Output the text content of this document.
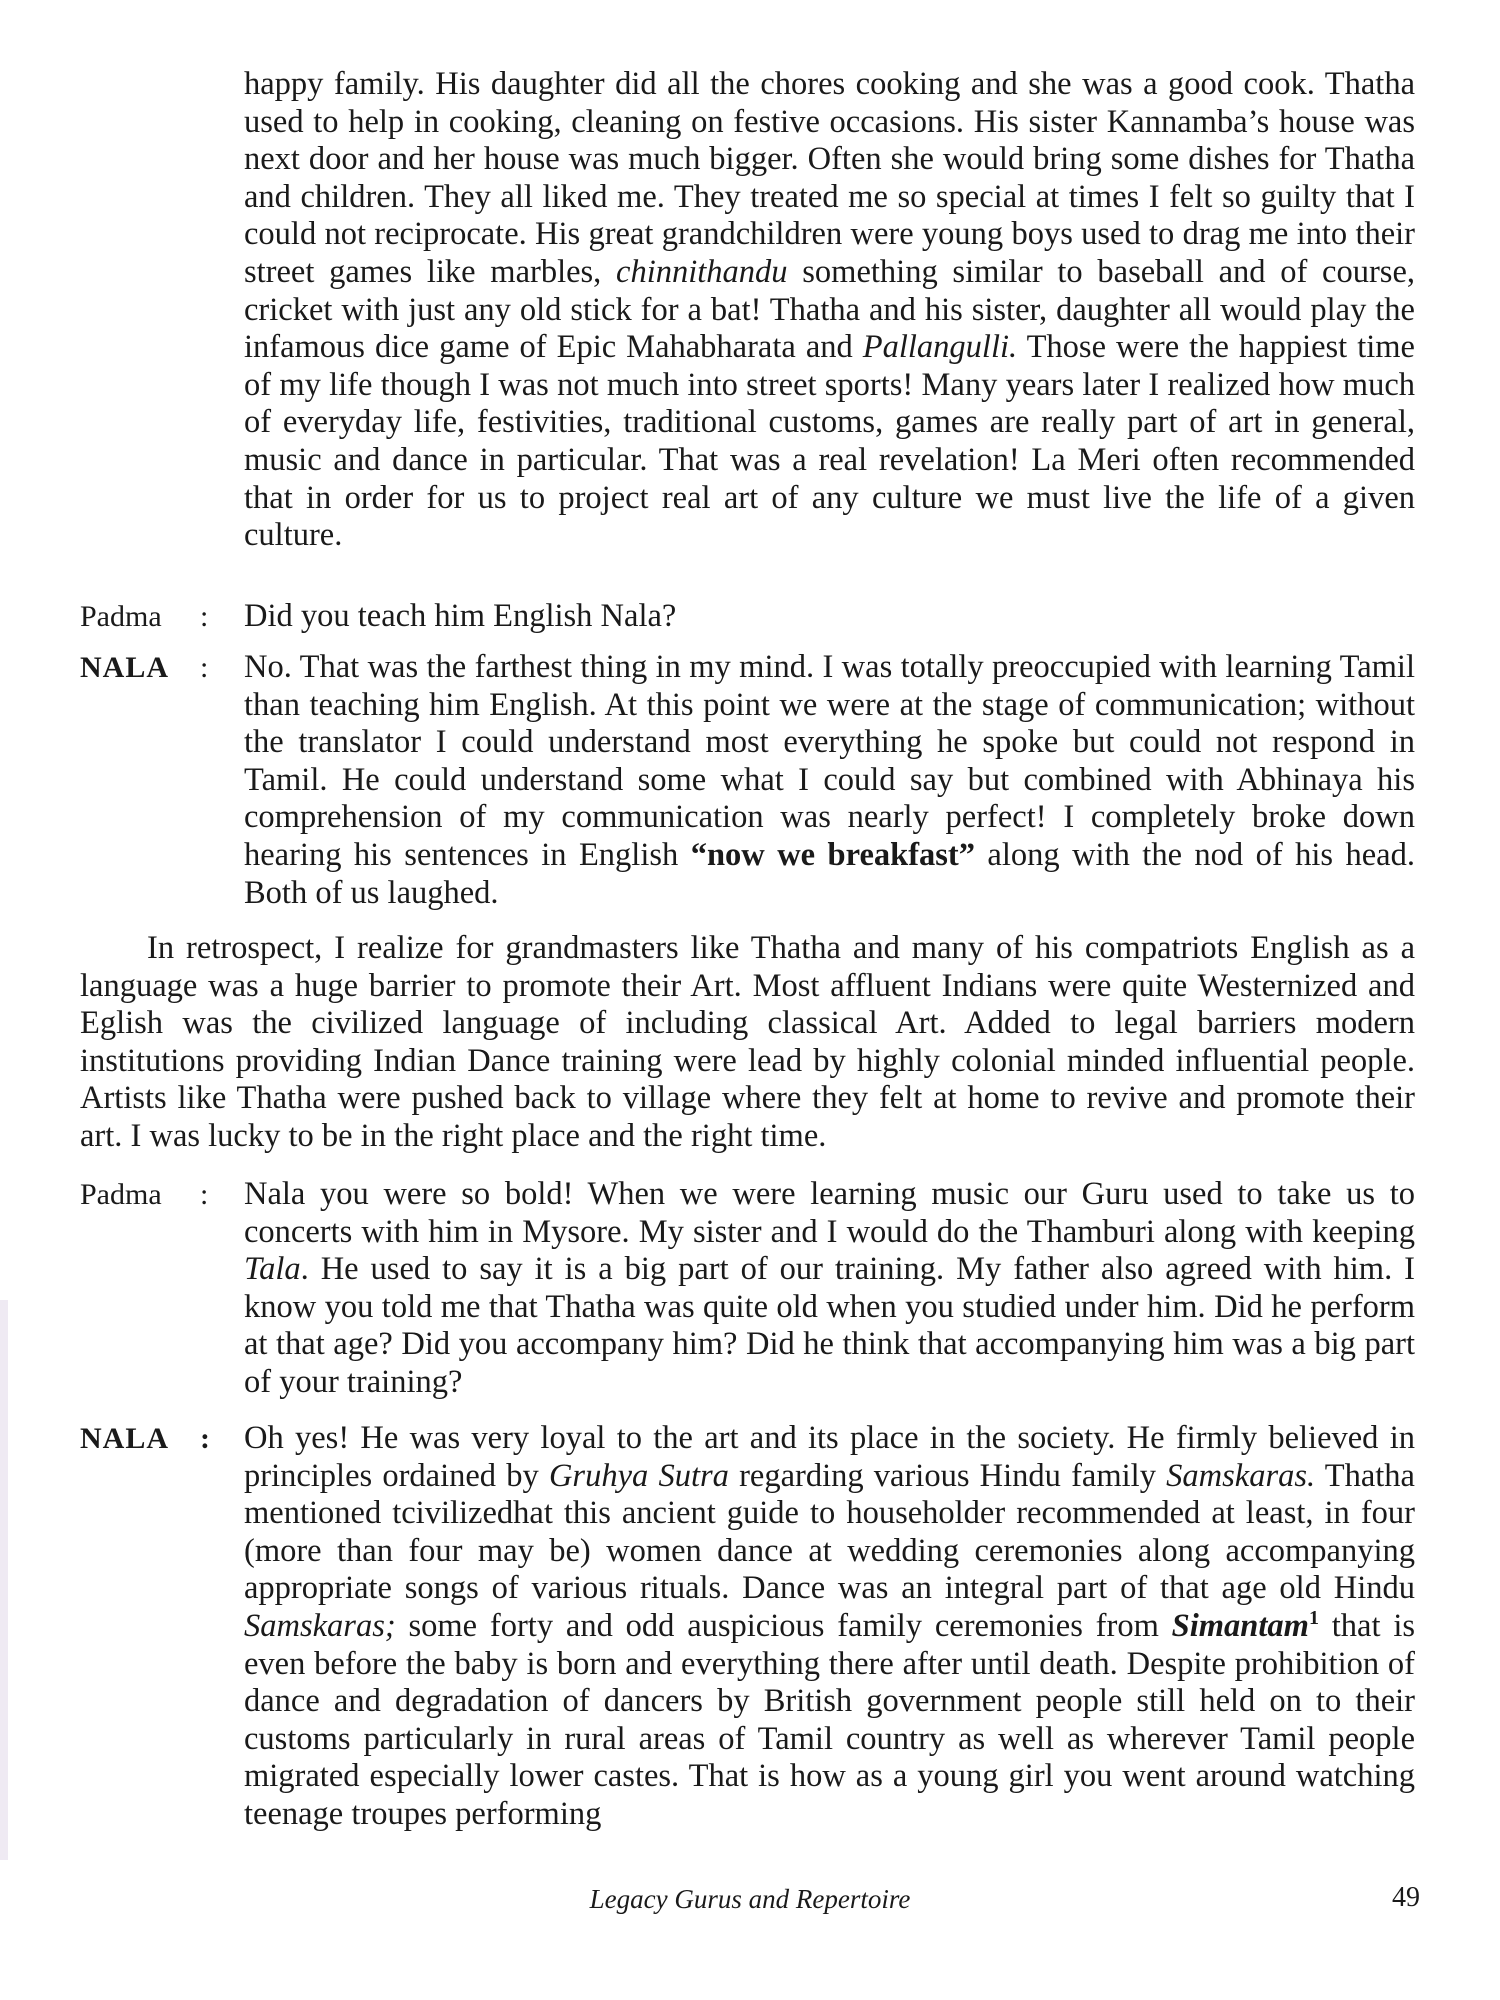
happy family. His daughter did all the chores cooking and she was a good cook. Thatha used to help in cooking, cleaning on festive occasions. His sister Kannamba’s house was next door and her house was much bigger. Often she would bring some dishes for Thatha and children. They all liked me. They treated me so special at times I felt so guilty that I could not reciprocate. His great grandchildren were young boys used to drag me into their street games like marbles, chinnithandu something similar to baseball and of course, cricket with just any old stick for a bat! Thatha and his sister, daughter all would play the infamous dice game of Epic Mahabharata and Pallangulli. Those were the happiest time of my life though I was not much into street sports! Many years later I realized how much of everyday life, festivities, traditional customs, games are really part of art in general, music and dance in particular. That was a real revelation! La Meri often recommended that in order for us to project real art of any culture we must live the life of a given culture.

Padma	: Did you teach him English Nala?

NALA	: No. That was the farthest thing in my mind. I was totally preoccupied with learning Tamil than teaching him English. At this point we were at the stage of communication; without the translator I could understand most everything he spoke but could not respond in Tamil. He could understand some what I could say but combined with Abhinaya his comprehension of my communication was nearly perfect! I completely broke down hearing his sentences in English “now we breakfast” along with the nod of his head. Both of us laughed.

In retrospect, I realize for grandmasters like Thatha and many of his compatriots English as a language was a huge barrier to promote their Art. Most affluent Indians were quite Westernized and Eglish was the civilized language of including classical Art. Added to legal barriers modern institutions providing Indian Dance training were lead by highly colonial minded influential people. Artists like Thatha were pushed back to village where they felt at home to revive and promote their art. I was lucky to be in the right place and the right time.

Padma	: Nala you were so bold! When we were learning music our Guru used to take us to concerts with him in Mysore. My sister and I would do the Thamburi along with keeping Tala. He used to say it is a big part of our training. My father also agreed with him. I know you told me that Thatha was quite old when you studied under him. Did he perform at that age? Did you accompany him? Did he think that accompanying him was a big part of your training?

NALA	: Oh yes! He was very loyal to the art and its place in the society. He firmly believed in principles ordained by Gruhya Sutra regarding various Hindu family Samskaras. Thatha mentioned tcivilizedhat this ancient guide to householder recommended at least, in four (more than four may be) women dance at wedding ceremonies along accompanying appropriate songs of various rituals. Dance was an integral part of that age old Hindu Samskaras; some forty and odd auspicious family ceremonies from Simantam$^1$ that is even before the baby is born and everything there after until death. Despite prohibition of dance and degradation of dancers by British government people still held on to their customs particularly in rural areas of Tamil country as well as wherever Tamil people migrated especially lower castes. That is how as a young girl you went around watching teenage troupes performing

Legacy Gurus and Repertoire	49
